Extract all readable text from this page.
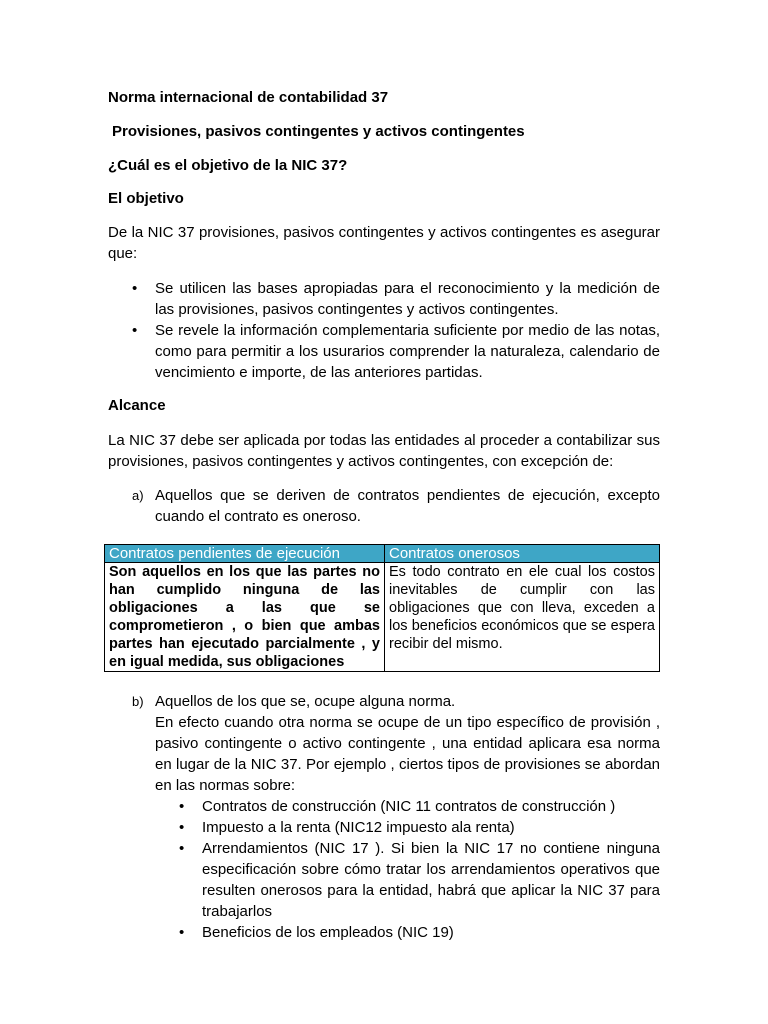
Norma internacional de contabilidad 37

Provisiones, pasivos contingentes y activos contingentes

¿Cuál es el objetivo de la NIC 37?

El objetivo

De la NIC 37 provisiones, pasivos contingentes y activos contingentes es asegurar que:

• Se utilicen las bases apropiadas para el reconocimiento y la medición de las provisiones, pasivos contingentes y activos contingentes.
• Se revele la información complementaria suficiente por medio de las notas, como para permitir a los usurarios comprender la naturaleza, calendario de vencimiento e importe, de las anteriores partidas.

Alcance

La NIC 37 debe ser aplicada por todas las entidades al proceder a contabilizar sus provisiones, pasivos contingentes y activos contingentes, con excepción de:

a) Aquellos que se deriven de contratos pendientes de ejecución, excepto cuando el contrato es oneroso.
Contratos pendientes de ejecución	Contratos onerosos
Son aquellos en los que las partes no han cumplido ninguna de las obligaciones a las que se comprometieron , o bien que ambas partes han ejecutado parcialmente , y en igual medida, sus obligaciones	Es todo contrato en ele cual los costos inevitables de cumplir con las obligaciones que con lleva, exceden a los beneficios económicos que se espera recibir del mismo.
b) Aquellos de los que se, ocupe alguna norma.
En efecto cuando otra norma se ocupe de un tipo específico de provisión , pasivo contingente o activo contingente , una entidad aplicara esa norma en lugar de la NIC 37. Por ejemplo , ciertos tipos de provisiones se abordan en las normas sobre:
• Contratos de construcción (NIC 11 contratos de construcción )
• Impuesto a la renta (NIC12 impuesto ala renta)
• Arrendamientos (NIC 17 ). Si bien la NIC 17 no contiene ninguna especificación sobre cómo tratar los arrendamientos operativos que resulten onerosos para la entidad, habrá que aplicar la NIC 37 para trabajarlos
• Beneficios de los empleados (NIC 19)
